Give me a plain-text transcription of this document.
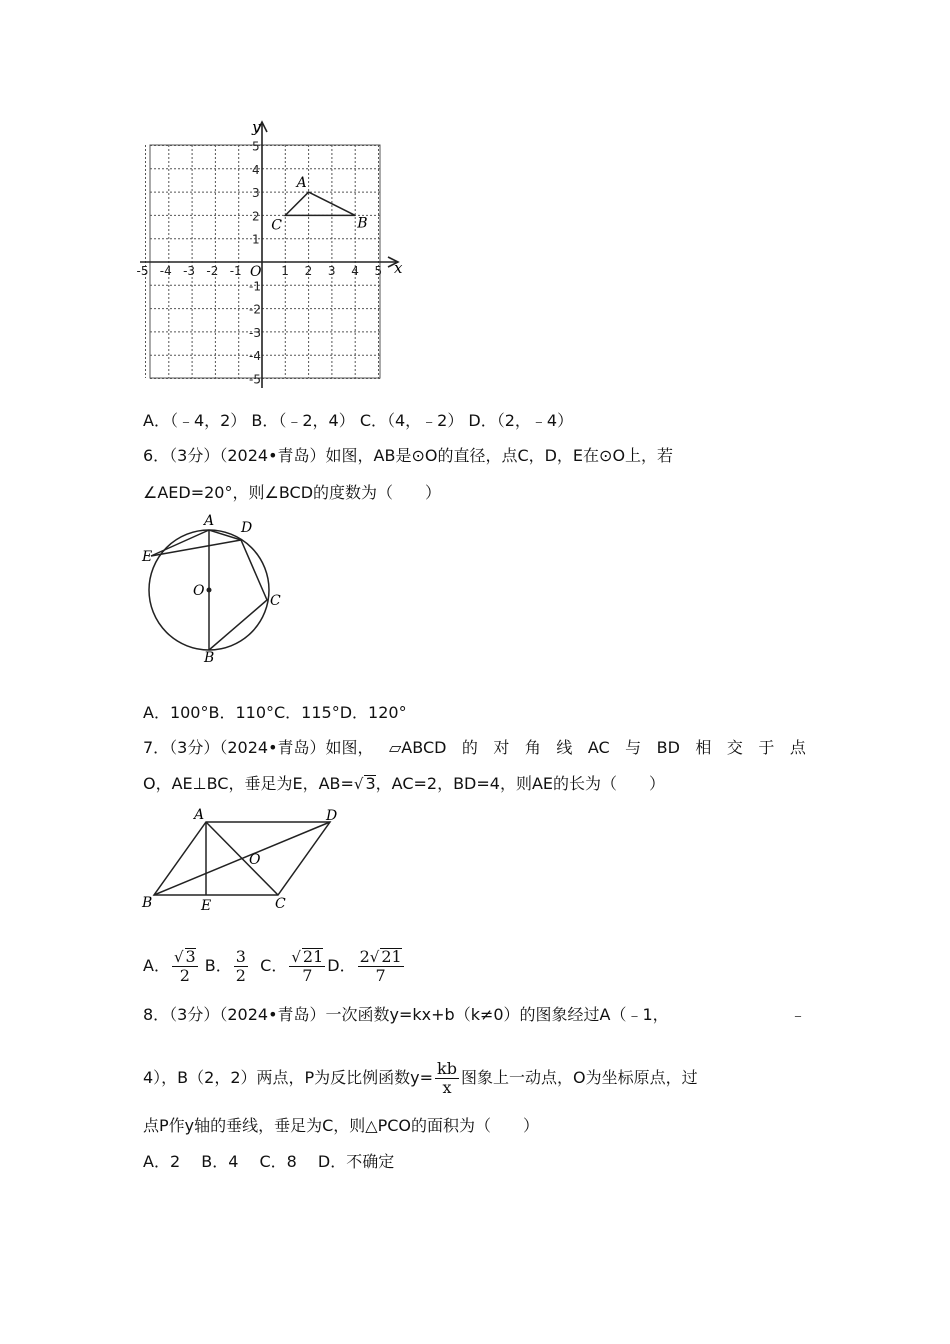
-5 -4 -3 -2 -1	1 2 3 4 5
5
4
3
2
1
-1
-2
-3
-4
-5
y
x
O
A
B
C
A．（﹣4，2） B．（﹣2，4） C．（4，﹣2） D．（2，﹣4）
6．（3分）（2024•青岛）如图，AB是⊙O的直径，点C，D，E在⊙O上，若
∠AED=20°，则∠BCD的度数为（　　）
A D
E
O
C
B
A．100°B．110°C．115°D．120°
7．（3分）（2024•青岛）如图， ▱ABCD 的 对 角 线 AC 与 BD 相 交 于 点
O，AE⊥BC，垂足为E，AB=√ 3，AC=2，BD=4，则AE的长为（　　）
A	D
O
B	E	C
A． $\frac{√ 3}{2}$ B． $\frac{3}{2}$ C． $\frac{√ 21}{7}$ D． $\frac{2√ 21}{7}$
8．（3分）（2024•青岛）一次函数y=kx+b（k≠0）的图象经过A（﹣1，	﹣
4），B（2，2）两点，P为反比例函数$y= \frac{kb}{x}$ 图象上一动点，O为坐标原点，过
点P作y轴的垂线，垂足为C，则△PCO的面积为（　　）
A．2　 B．4　 C．8　 D．不确定
